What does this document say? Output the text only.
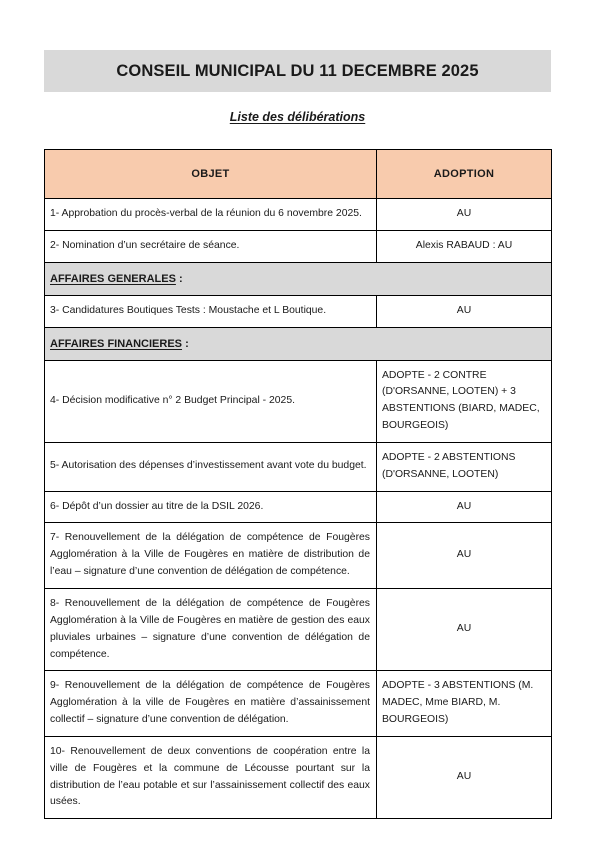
CONSEIL MUNICIPAL DU 11 DECEMBRE 2025
Liste des délibérations
OBJET	ADOPTION
1- Approbation du procès-verbal de la réunion du 6 novembre 2025.	AU
2- Nomination d’un secrétaire de séance.	Alexis RABAUD : AU
AFFAIRES GENERALES :	
3- Candidatures Boutiques Tests : Moustache et L Boutique.	AU
AFFAIRES FINANCIERES :	
4- Décision modificative n° 2 Budget Principal - 2025.	ADOPTE - 2 CONTRE (D'ORSANNE, LOOTEN) + 3 ABSTENTIONS (BIARD, MADEC, BOURGEOIS)
5- Autorisation des dépenses d’investissement avant vote du budget.	ADOPTE - 2 ABSTENTIONS (D'ORSANNE, LOOTEN)
6- Dépôt d’un dossier au titre de la DSIL 2026.	AU
7- Renouvellement de la délégation de compétence de Fougères Agglomération à la Ville de Fougères en matière de distribution de l’eau – signature d’une convention de délégation de compétence.	AU
8- Renouvellement de la délégation de compétence de Fougères Agglomération à la Ville de Fougères en matière de gestion des eaux pluviales urbaines – signature d’une convention de délégation de compétence.	AU
9- Renouvellement de la délégation de compétence de Fougères Agglomération à la ville de Fougères en matière d’assainissement collectif – signature d’une convention de délégation.	ADOPTE - 3 ABSTENTIONS (M. MADEC, Mme BIARD, M. BOURGEOIS)
10- Renouvellement de deux conventions de coopération entre la ville de Fougères et la commune de Lécousse pourtant sur la distribution de l’eau potable et sur l’assainissement collectif des eaux usées.	AU
